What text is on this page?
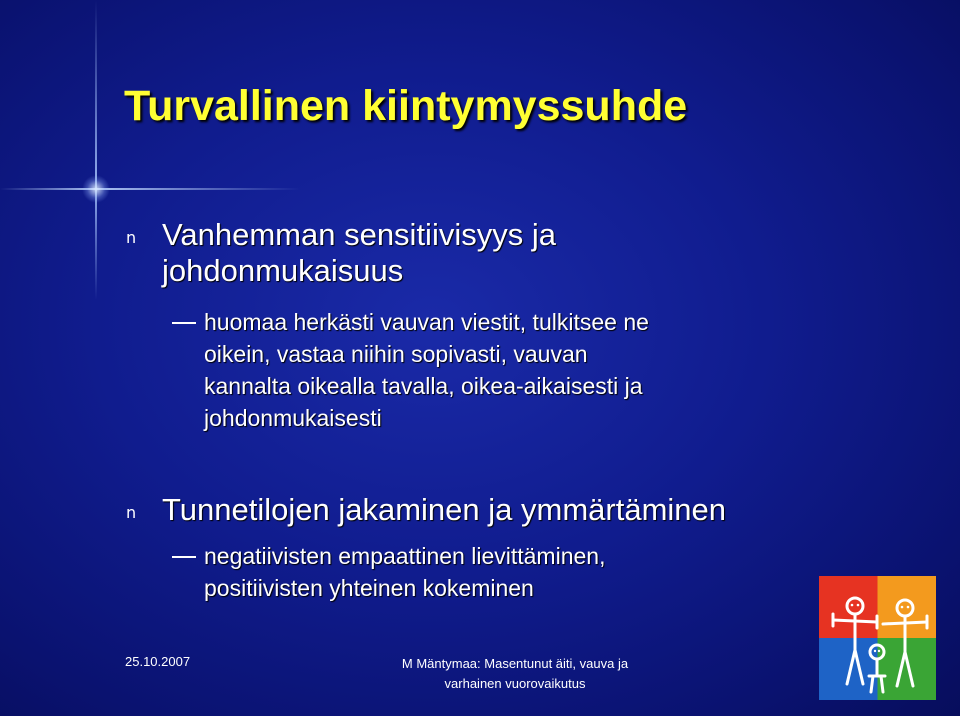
Turvallinen kiintymyssuhde
n Vanhemman sensitiivisyys ja

johdonmukaisuus

huomaa herkästi vauvan viestit, tulkitsee ne

oikein, vastaa niihin sopivasti, vauvan

kannalta oikealla tavalla, oikea-aikaisesti ja

johdonmukaisesti

n Tunnetilojen jakaminen ja ymmärtäminen

negatiivisten empaattinen lievittäminen,

positiivisten yhteinen kokeminen

25.10.2007	M Mäntymaa: Masentunut äiti, vauva ja
varhainen vuorovaikutus
